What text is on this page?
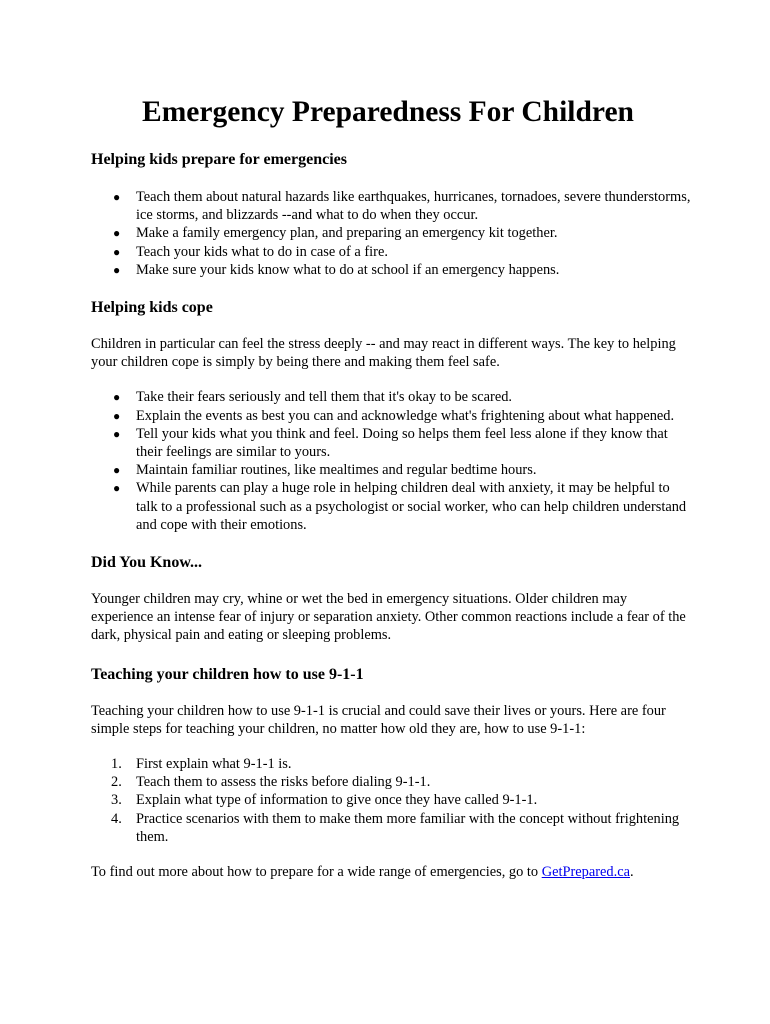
Emergency Preparedness For Children
Helping kids prepare for emergencies
● Teach them about natural hazards like earthquakes, hurricanes, tornadoes, severe thunderstorms, ice storms, and blizzards --and what to do when they occur.
● Make a family emergency plan, and preparing an emergency kit together.
● Teach your kids what to do in case of a fire.
● Make sure your kids know what to do at school if an emergency happens.
Helping kids cope

Children in particular can feel the stress deeply -- and may react in different ways. The key to helping your children cope is simply by being there and making them feel safe.

● Take their fears seriously and tell them that it's okay to be scared.
● Explain the events as best you can and acknowledge what's frightening about what happened.
● Tell your kids what you think and feel. Doing so helps them feel less alone if they know that their feelings are similar to yours.
● Maintain familiar routines, like mealtimes and regular bedtime hours.
● While parents can play a huge role in helping children deal with anxiety, it may be helpful to talk to a professional such as a psychologist or social worker, who can help children understand and cope with their emotions.
Did You Know...

Younger children may cry, whine or wet the bed in emergency situations. Older children may experience an intense fear of injury or separation anxiety. Other common reactions include a fear of the dark, physical pain and eating or sleeping problems.

Teaching your children how to use 9-1-1

Teaching your children how to use 9-1-1 is crucial and could save their lives or yours. Here are four simple steps for teaching your children, no matter how old they are, how to use 9-1-1:

1. First explain what 9-1-1 is.
2. Teach them to assess the risks before dialing 9-1-1.
3. Explain what type of information to give once they have called 9-1-1.
4. Practice scenarios with them to make them more familiar with the concept without frightening them.

To find out more about how to prepare for a wide range of emergencies, go to GetPrepared.ca.
